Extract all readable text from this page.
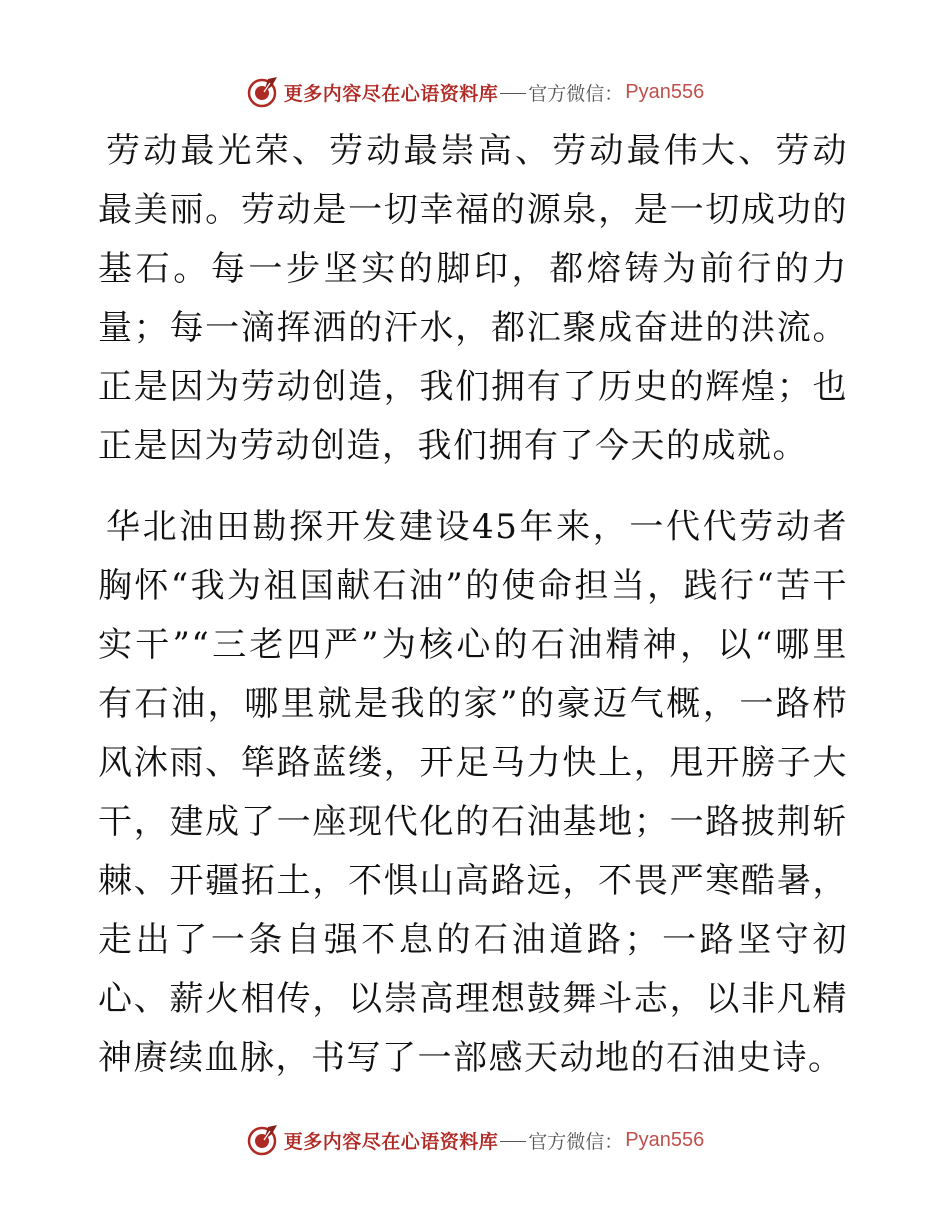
更多内容尽在心语资料库 官方微信： Pyan556

劳动最光荣、劳动最崇高、劳动最伟大、劳动最美丽。劳动是一切幸福的源泉，是一切成功的基石。每一步坚实的脚印，都熔铸为前行的力量；每一滴挥洒的汗水，都汇聚成奋进的洪流。正是因为劳动创造，我们拥有了历史的辉煌；也正是因为劳动创造，我们拥有了今天的成就。

华北油田勘探开发建设45年来，一代代劳动者胸怀“我为祖国献石油”的使命担当，践行“苦干实干”“三老四严”为核心的石油精神，以“哪里有石油，哪里就是我的家”的豪迈气概，一路栉风沐雨、筚路蓝缕，开足马力快上，甩开膀子大干，建成了一座现代化的石油基地；一路披荆斩棘、开疆拓土，不惧山高路远，不畏严寒酷暑，走出了一条自强不息的石油道路；一路坚守初心、薪火相传，以崇高理想鼓舞斗志，以非凡精神赓续血脉，书写了一部感天动地的石油史诗。

更多内容尽在心语资料库 官方微信： Pyan556
